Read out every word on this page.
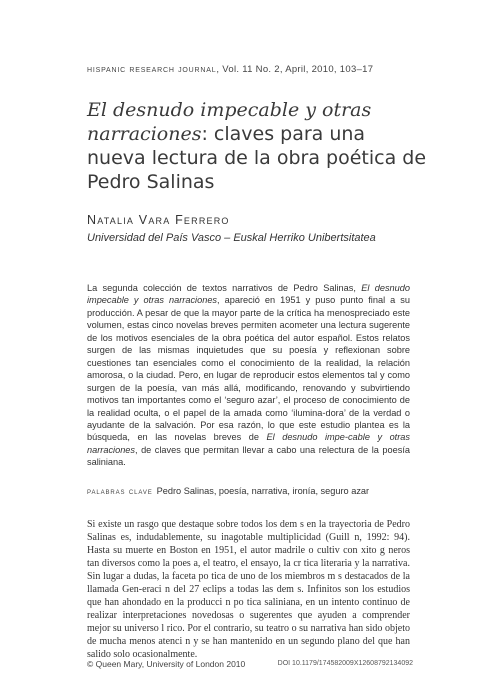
hispanic research journal, Vol. 11 No. 2, April, 2010, 103–17
El desnudo impecable y otras narraciones: claves para una nueva lectura de la obra poética de Pedro Salinas
Natalia Vara Ferrero
Universidad del País Vasco – Euskal Herriko Unibertsitatea

La segunda colección de textos narrativos de Pedro Salinas, El desnudo impecable y otras narraciones, apareció en 1951 y puso punto final a su producción. A pesar de que la mayor parte de la crítica ha menospreciado este volumen, estas cinco novelas breves permiten acometer una lectura sugerente de los motivos esenciales de la obra poética del autor español. Estos relatos surgen de las mismas inquietudes que su poesía y reflexionan sobre cuestiones tan esenciales como el conocimiento de la realidad, la relación amorosa, o la ciudad. Pero, en lugar de reproducir estos elementos tal y como surgen de la poesía, van más allá, modificando, renovando y subvirtiendo motivos tan importantes como el ‘seguro azar’, el proceso de conocimiento de la realidad oculta, o el papel de la amada como ‘ilumina-dora’ de la verdad o ayudante de la salvación. Por esa razón, lo que este estudio plantea es la búsqueda, en las novelas breves de El desnudo impe-cable y otras narraciones, de claves que permitan llevar a cabo una relectura de la poesía saliniana.

palabras clave Pedro Salinas, poesía, narrativa, ironía, seguro azar

Si existe un rasgo que destaque sobre todos los dem s en la trayectoria de Pedro Salinas es, indudablemente, su inagotable multiplicidad (Guill n, 1992: 94). Hasta su muerte en Boston en 1951, el autor madrile o cultiv con xito g neros tan diversos como la poes a, el teatro, el ensayo, la cr tica literaria y la narrativa. Sin lugar a dudas, la faceta po tica de uno de los miembros m s destacados de la llamada Gen-eraci n del 27 eclips a todas las dem s. Infinitos son los estudios que han ahondado en la producci n po tica saliniana, en un intento continuo de realizar interpretaciones novedosas o sugerentes que ayuden a comprender mejor su universo l rico. Por el contrario, su teatro o su narrativa han sido objeto de mucha menos atenci n y se han mantenido en un segundo plano del que han salido solo ocasionalmente.

© Queen Mary, University of London 2010	DOI 10.1179/174582009X12608792134092
